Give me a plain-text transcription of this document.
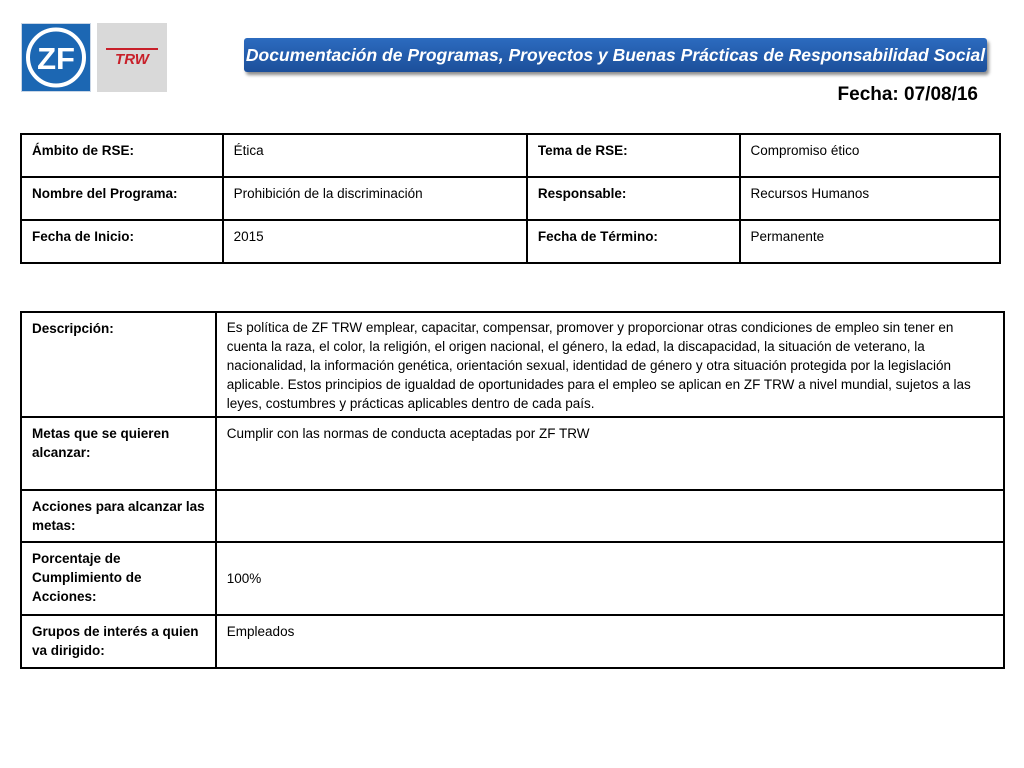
ZF	TRW	Documentación de Programas, Proyectos y Buenas Prácticas de Responsabilidad Social
Fecha: 07/08/16
Ámbito de RSE:	Ética	Tema de RSE:	Compromiso ético
Nombre del Programa:	Prohibición de la discriminación	Responsable:	Recursos Humanos
Fecha de Inicio:	2015	Fecha de Término:	Permanente
Descripción:	Es política de ZF TRW emplear, capacitar, compensar, promover y proporcionar otras condiciones de empleo sin tener en cuenta la raza, el color, la religión, el origen nacional, el género, la edad, la discapacidad, la situación de veterano, la nacionalidad, la información genética, orientación sexual, identidad de género y otra situación protegida por la legislación aplicable. Estos principios de igualdad de oportunidades para el empleo se aplican en ZF TRW a nivel mundial, sujetos a las leyes, costumbres y prácticas aplicables dentro de cada país.
Metas que se quieren alcanzar:	Cumplir con las normas de conducta aceptadas por ZF TRW
Acciones para alcanzar las metas:	
Porcentaje de Cumplimiento de Acciones:	100%
Grupos de interés a quien va dirigido:	Empleados
